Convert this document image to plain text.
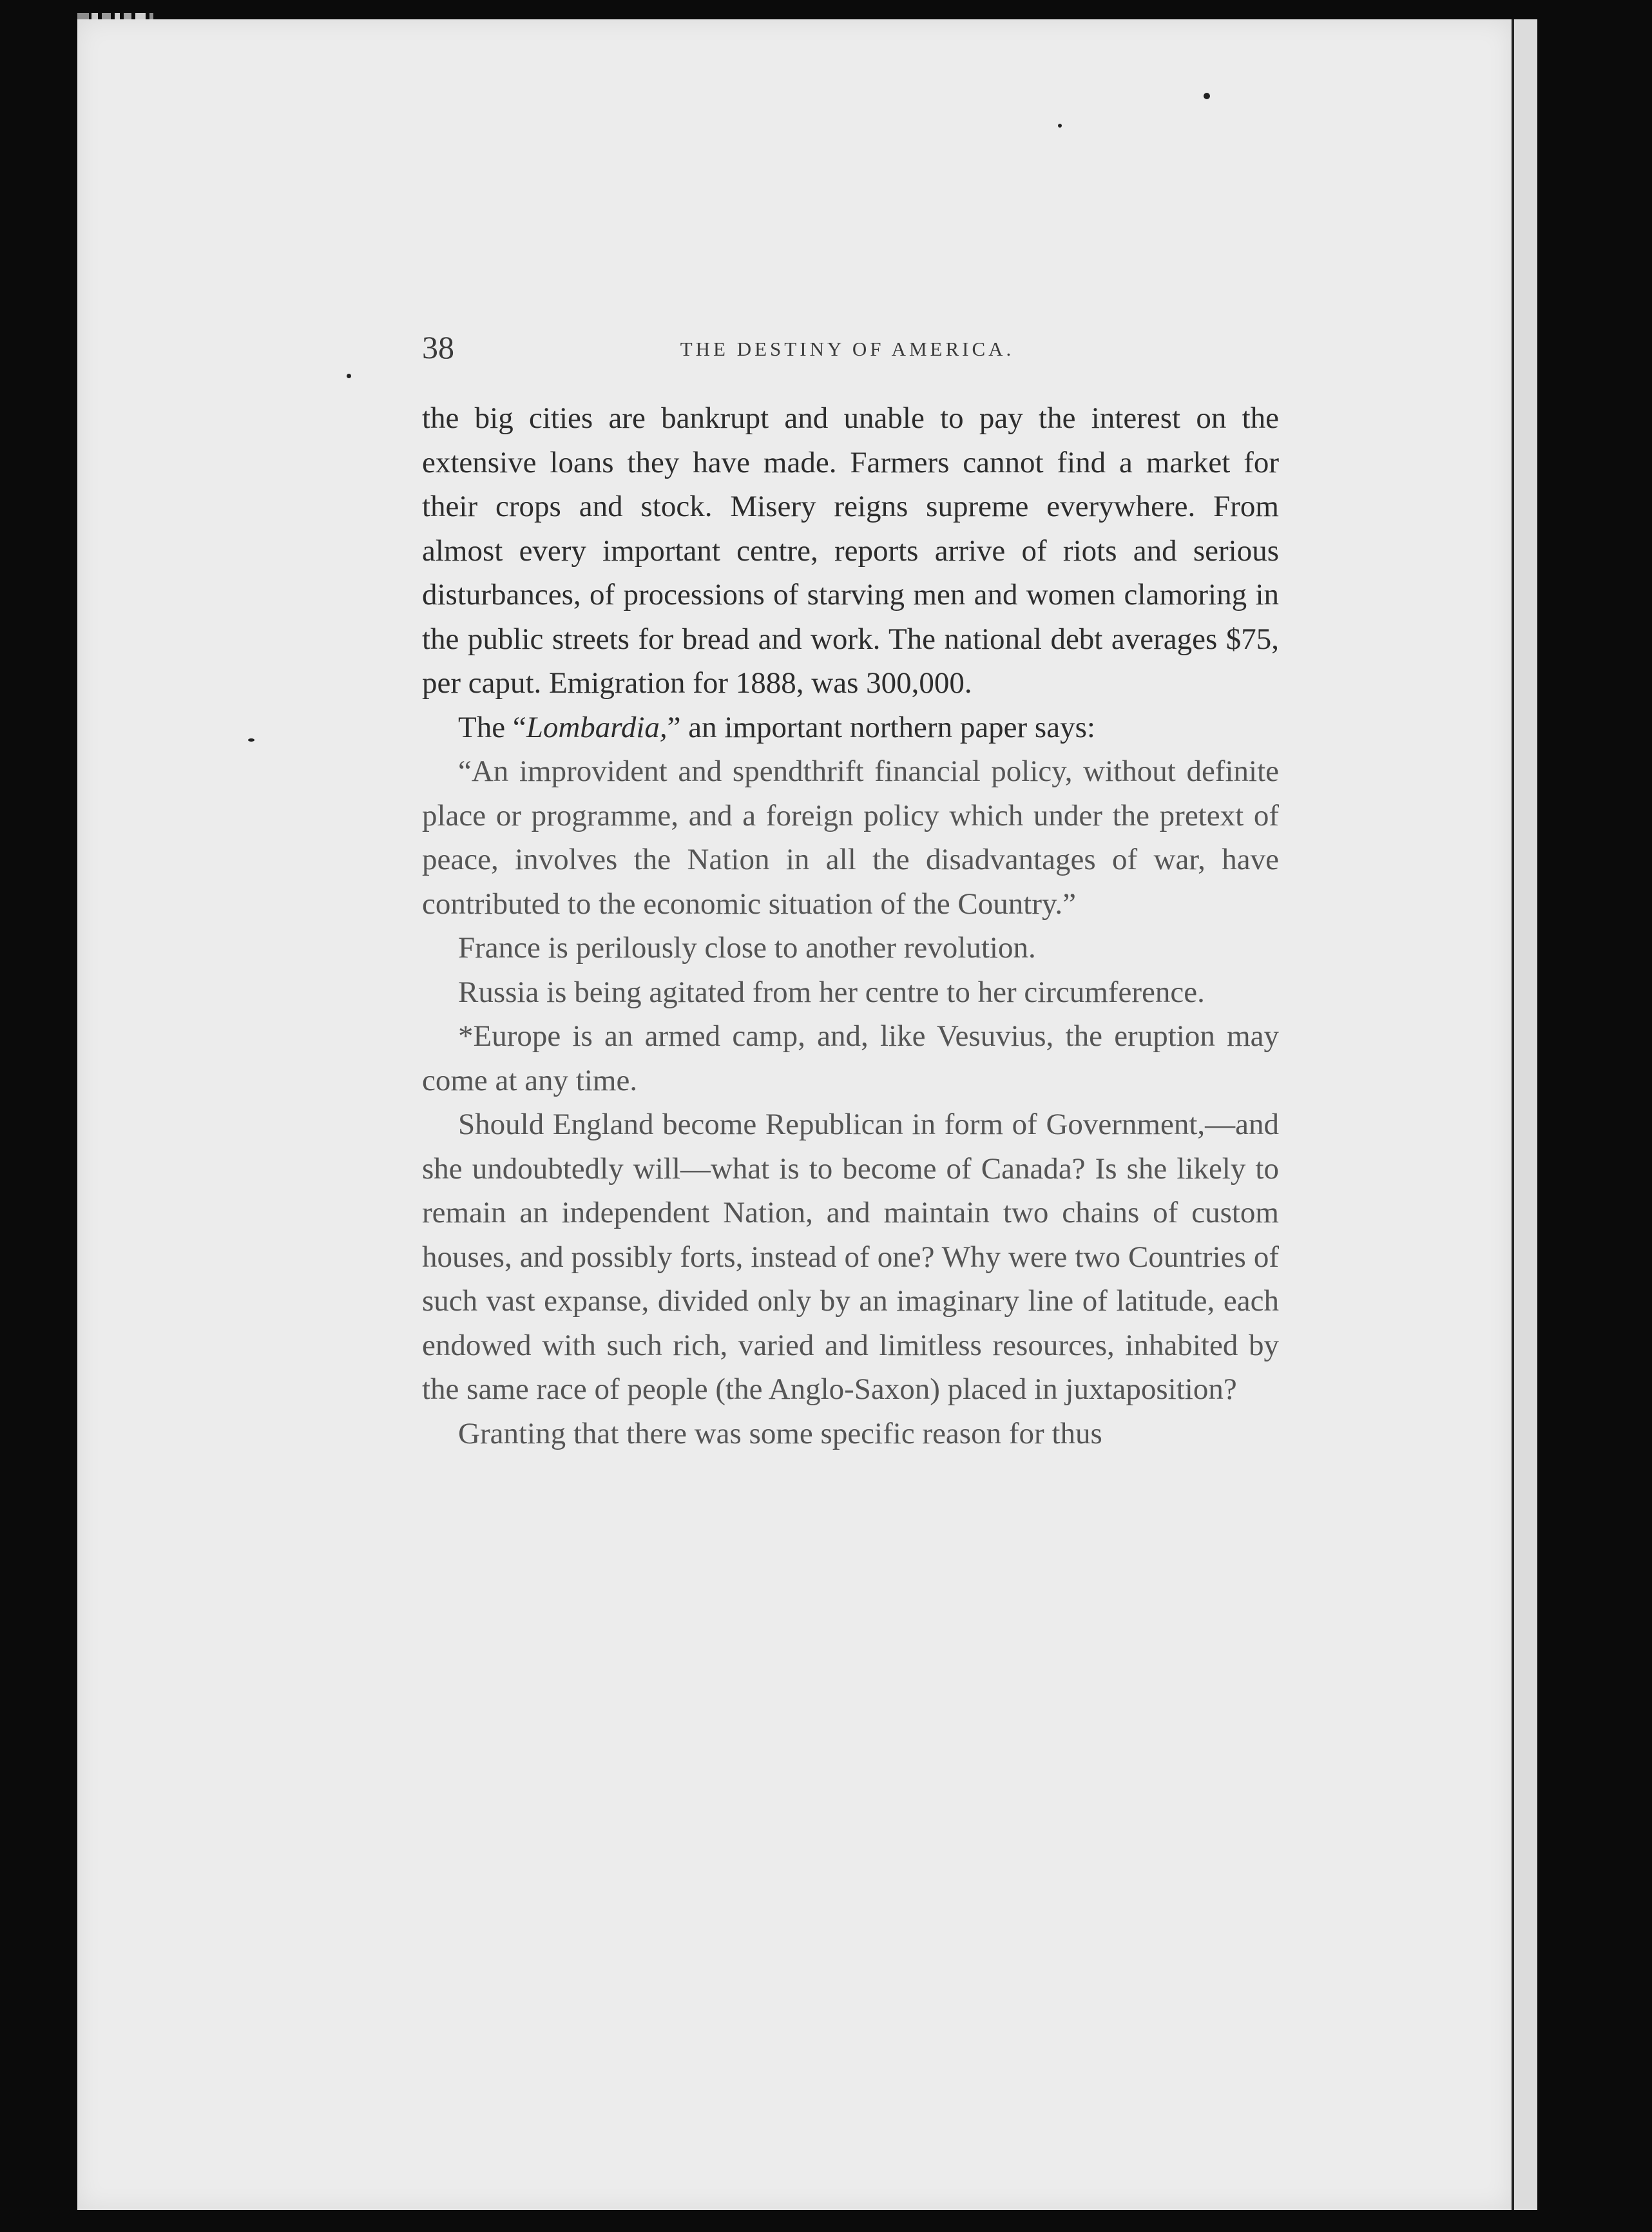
38	THE DESTINY OF AMERICA.

the big cities are bankrupt and unable to pay the interest on the extensive loans they have made. Farmers cannot find a market for their crops and stock. Misery reigns supreme everywhere. From almost every important centre, reports arrive of riots and serious disturbances, of processions of starving men and women clamoring in the public streets for bread and work. The national debt averages $75, per caput. Emigration for 1888, was 300,000.

The “Lombardia,” an important northern paper says:

“An improvident and spendthrift financial policy, without definite place or programme, and a foreign policy which under the pretext of peace, involves the Nation in all the disadvantages of war, have contributed to the economic situation of the Country.”

France is perilously close to another revolution.

Russia is being agitated from her centre to her circumference.

*Europe is an armed camp, and, like Vesuvius, the eruption may come at any time.

Should England become Republican in form of Government,—and she undoubtedly will—what is to become of Canada? Is she likely to remain an independent Nation, and maintain two chains of custom houses, and possibly forts, instead of one? Why were two Countries of such vast expanse, divided only by an imaginary line of latitude, each endowed with such rich, varied and limitless resources, inhabited by the same race of people (the Anglo-Saxon) placed in juxtaposition?

Granting that there was some specific reason for thus
